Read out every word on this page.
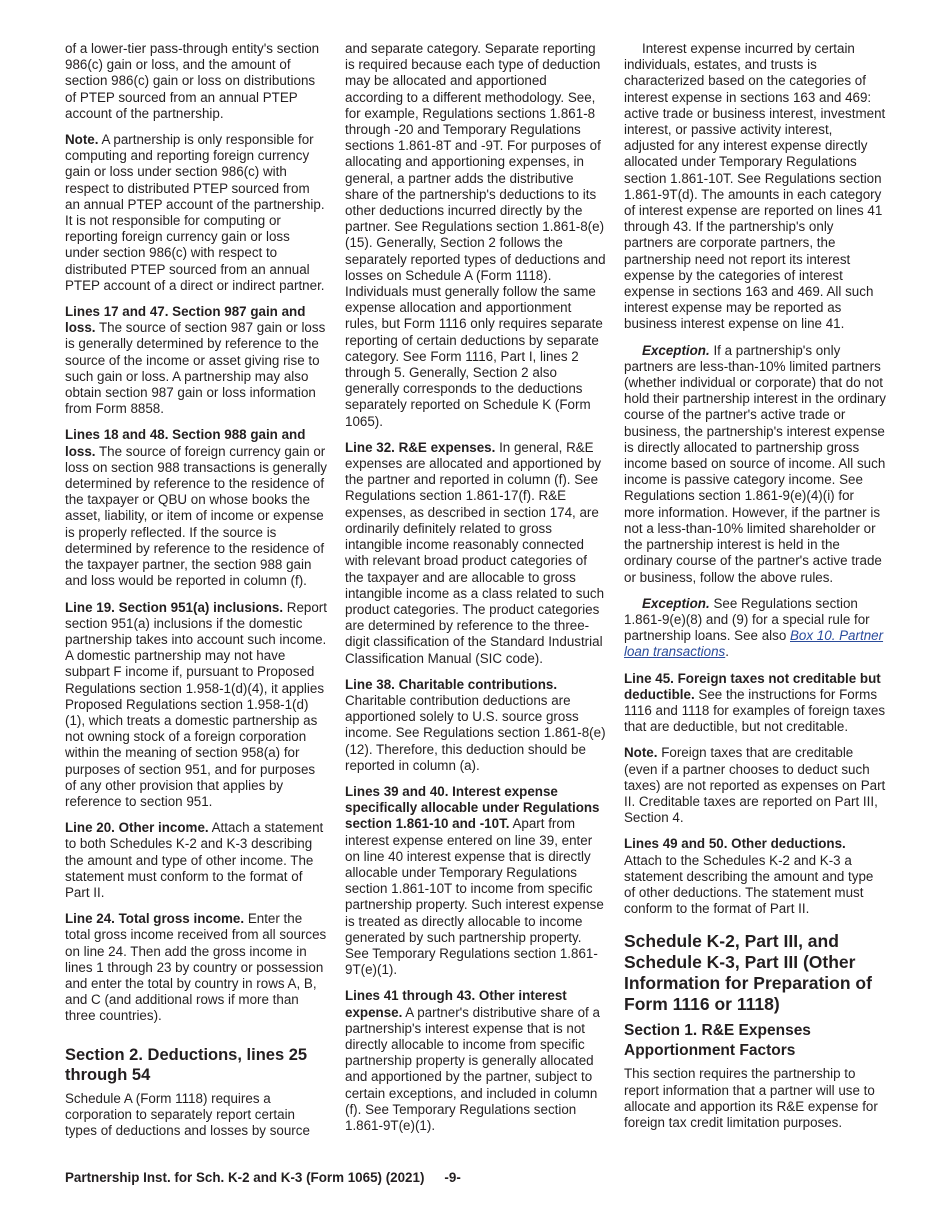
of a lower-tier pass-through entity's section 986(c) gain or loss, and the amount of section 986(c) gain or loss on distributions of PTEP sourced from an annual PTEP account of the partnership.

Note. A partnership is only responsible for computing and reporting foreign currency gain or loss under section 986(c) with respect to distributed PTEP sourced from an annual PTEP account of the partnership. It is not responsible for computing or reporting foreign currency gain or loss under section 986(c) with respect to distributed PTEP sourced from an annual PTEP account of a direct or indirect partner.

Lines 17 and 47. Section 987 gain and loss. The source of section 987 gain or loss is generally determined by reference to the source of the income or asset giving rise to such gain or loss. A partnership may also obtain section 987 gain or loss information from Form 8858.

Lines 18 and 48. Section 988 gain and loss. The source of foreign currency gain or loss on section 988 transactions is generally determined by reference to the residence of the taxpayer or QBU on whose books the asset, liability, or item of income or expense is properly reflected. If the source is determined by reference to the residence of the taxpayer partner, the section 988 gain and loss would be reported in column (f).

Line 19. Section 951(a) inclusions. Report section 951(a) inclusions if the domestic partnership takes into account such income. A domestic partnership may not have subpart F income if, pursuant to Proposed Regulations section 1.958-1(d)(4), it applies Proposed Regulations section 1.958-1(d)(1), which treats a domestic partnership as not owning stock of a foreign corporation within the meaning of section 958(a) for purposes of section 951, and for purposes of any other provision that applies by reference to section 951.

Line 20. Other income. Attach a statement to both Schedules K-2 and K-3 describing the amount and type of other income. The statement must conform to the format of Part II.

Line 24. Total gross income. Enter the total gross income received from all sources on line 24. Then add the gross income in lines 1 through 23 by country or possession and enter the total by country in rows A, B, and C (and additional rows if more than three countries).

Section 2. Deductions, lines 25 through 54

Schedule A (Form 1118) requires a corporation to separately report certain types of deductions and losses by source

and separate category. Separate reporting is required because each type of deduction may be allocated and apportioned according to a different methodology. See, for example, Regulations sections 1.861-8 through -20 and Temporary Regulations sections 1.861-8T and -9T. For purposes of allocating and apportioning expenses, in general, a partner adds the distributive share of the partnership's deductions to its other deductions incurred directly by the partner. See Regulations section 1.861-8(e)(15). Generally, Section 2 follows the separately reported types of deductions and losses on Schedule A (Form 1118). Individuals must generally follow the same expense allocation and apportionment rules, but Form 1116 only requires separate reporting of certain deductions by separate category. See Form 1116, Part I, lines 2 through 5. Generally, Section 2 also generally corresponds to the deductions separately reported on Schedule K (Form 1065).

Line 32. R&E expenses. In general, R&E expenses are allocated and apportioned by the partner and reported in column (f). See Regulations section 1.861-17(f). R&E expenses, as described in section 174, are ordinarily definitely related to gross intangible income reasonably connected with relevant broad product categories of the taxpayer and are allocable to gross intangible income as a class related to such product categories. The product categories are determined by reference to the three-digit classification of the Standard Industrial Classification Manual (SIC code).

Line 38. Charitable contributions. Charitable contribution deductions are apportioned solely to U.S. source gross income. See Regulations section 1.861-8(e)(12). Therefore, this deduction should be reported in column (a).

Lines 39 and 40. Interest expense specifically allocable under Regulations section 1.861-10 and -10T. Apart from interest expense entered on line 39, enter on line 40 interest expense that is directly allocable under Temporary Regulations section 1.861-10T to income from specific partnership property. Such interest expense is treated as directly allocable to income generated by such partnership property. See Temporary Regulations section 1.861-9T(e)(1).

Lines 41 through 43. Other interest expense. A partner's distributive share of a partnership's interest expense that is not directly allocable to income from specific partnership property is generally allocated and apportioned by the partner, subject to certain exceptions, and included in column (f). See Temporary Regulations section 1.861-9T(e)(1).

Interest expense incurred by certain individuals, estates, and trusts is characterized based on the categories of interest expense in sections 163 and 469: active trade or business interest, investment interest, or passive activity interest, adjusted for any interest expense directly allocated under Temporary Regulations section 1.861-10T. See Regulations section 1.861-9T(d). The amounts in each category of interest expense are reported on lines 41 through 43. If the partnership's only partners are corporate partners, the partnership need not report its interest expense by the categories of interest expense in sections 163 and 469. All such interest expense may be reported as business interest expense on line 41.

Exception. If a partnership's only partners are less-than-10% limited partners (whether individual or corporate) that do not hold their partnership interest in the ordinary course of the partner's active trade or business, the partnership's interest expense is directly allocated to partnership gross income based on source of income. All such income is passive category income. See Regulations section 1.861-9(e)(4)(i) for more information. However, if the partner is not a less-than-10% limited shareholder or the partnership interest is held in the ordinary course of the partner's active trade or business, follow the above rules.

Exception. See Regulations section 1.861-9(e)(8) and (9) for a special rule for partnership loans. See also Box 10. Partner loan transactions.

Line 45. Foreign taxes not creditable but deductible. See the instructions for Forms 1116 and 1118 for examples of foreign taxes that are deductible, but not creditable.

Note. Foreign taxes that are creditable (even if a partner chooses to deduct such taxes) are not reported as expenses on Part II. Creditable taxes are reported on Part III, Section 4.

Lines 49 and 50. Other deductions. Attach to the Schedules K-2 and K-3 a statement describing the amount and type of other deductions. The statement must conform to the format of Part II.

Schedule K-2, Part III, and Schedule K-3, Part III (Other Information for Preparation of Form 1116 or 1118)
Section 1. R&E Expenses Apportionment Factors

This section requires the partnership to report information that a partner will use to allocate and apportion its R&E expense for foreign tax credit limitation purposes.

Partnership Inst. for Sch. K-2 and K-3 (Form 1065) (2021) -9-
